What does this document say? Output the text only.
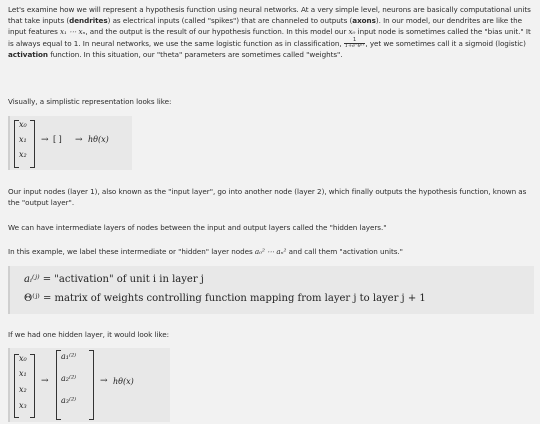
Let's examine how we will represent a hypothesis function using neural networks. At a very simple level, neurons are basically computational units that take inputs (dendrites) as electrical inputs (called "spikes") that are channeled to outputs (axons). In our model, our dendrites are like the input features x₁ ⋯ xₙ, and the output is the result of our hypothesis function. In this model our x₀ input node is sometimes called the "bias unit." It is always equal to 1. In neural networks, we use the same logistic function as in classification, $\frac{1}{\text{1+e⁻θᵀˣ}}$ , yet we sometimes call it a sigmoid (logistic) activation function. In this situation, our "theta" parameters are sometimes called "weights".

Visually, a simplistic representation looks like:

x₀
x₁
x₂
→ [ ] → hθ(x)

Our input nodes (layer 1), also known as the "input layer", go into another node (layer 2), which finally outputs the hypothesis function, known as the "output layer".

We can have intermediate layers of nodes between the input and output layers called the "hidden layers."

In this example, we label these intermediate or "hidden" layer nodes a₀² ⋯ aₙ² and call them "activation units."

aᵢ⁽ʲ⁾ = "activation" of unit i in layer j
Θ⁽ʲ⁾ = matrix of weights controlling function mapping from layer j to layer j + 1

If we had one hidden layer, it would look like:

x₀
x₁
x₂
x₃
→
a₁⁽²⁾
a₂⁽²⁾
a₃⁽²⁾
→ hθ(x)
